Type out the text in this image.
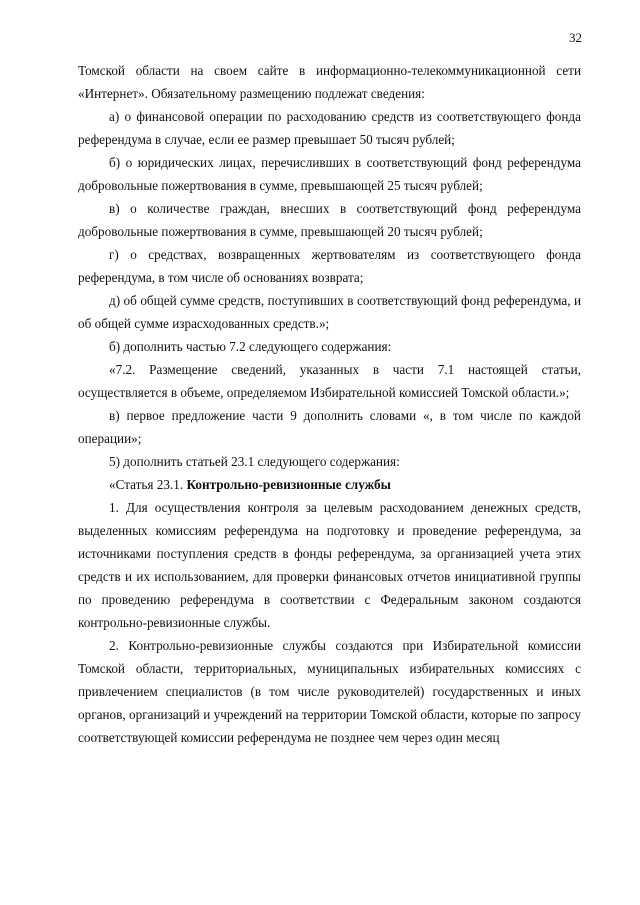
32

Томской области на своем сайте в информационно-телекоммуникационной сети «Интернет». Обязательному размещению подлежат сведения:

а) о финансовой операции по расходованию средств из соответствующего фонда референдума в случае, если ее размер превышает 50 тысяч рублей;

б) о юридических лицах, перечисливших в соответствующий фонд референдума добровольные пожертвования в сумме, превышающей 25 тысяч рублей;

в) о количестве граждан, внесших в соответствующий фонд референдума добровольные пожертвования в сумме, превышающей 20 тысяч рублей;

г) о средствах, возвращенных жертвователям из соответствующего фонда референдума, в том числе об основаниях возврата;

д) об общей сумме средств, поступивших в соответствующий фонд референдума, и об общей сумме израсходованных средств.»;

б) дополнить частью 7.2 следующего содержания:

«7.2. Размещение сведений, указанных в части 7.1 настоящей статьи, осуществляется в объеме, определяемом Избирательной комиссией Томской области.»;

в) первое предложение части 9 дополнить словами «, в том числе по каждой операции»;

5) дополнить статьей 23.1 следующего содержания:

«Статья 23.1. Контрольно-ревизионные службы

1. Для осуществления контроля за целевым расходованием денежных средств, выделенных комиссиям референдума на подготовку и проведение референдума, за источниками поступления средств в фонды референдума, за организацией учета этих средств и их использованием, для проверки финансовых отчетов инициативной группы по проведению референдума в соответствии с Федеральным законом создаются контрольно-ревизионные службы.

2. Контрольно-ревизионные службы создаются при Избирательной комиссии Томской области, территориальных, муниципальных избирательных комиссиях с привлечением специалистов (в том числе руководителей) государственных и иных органов, организаций и учреждений на территории Томской области, которые по запросу соответствующей комиссии референдума не позднее чем через один месяц
